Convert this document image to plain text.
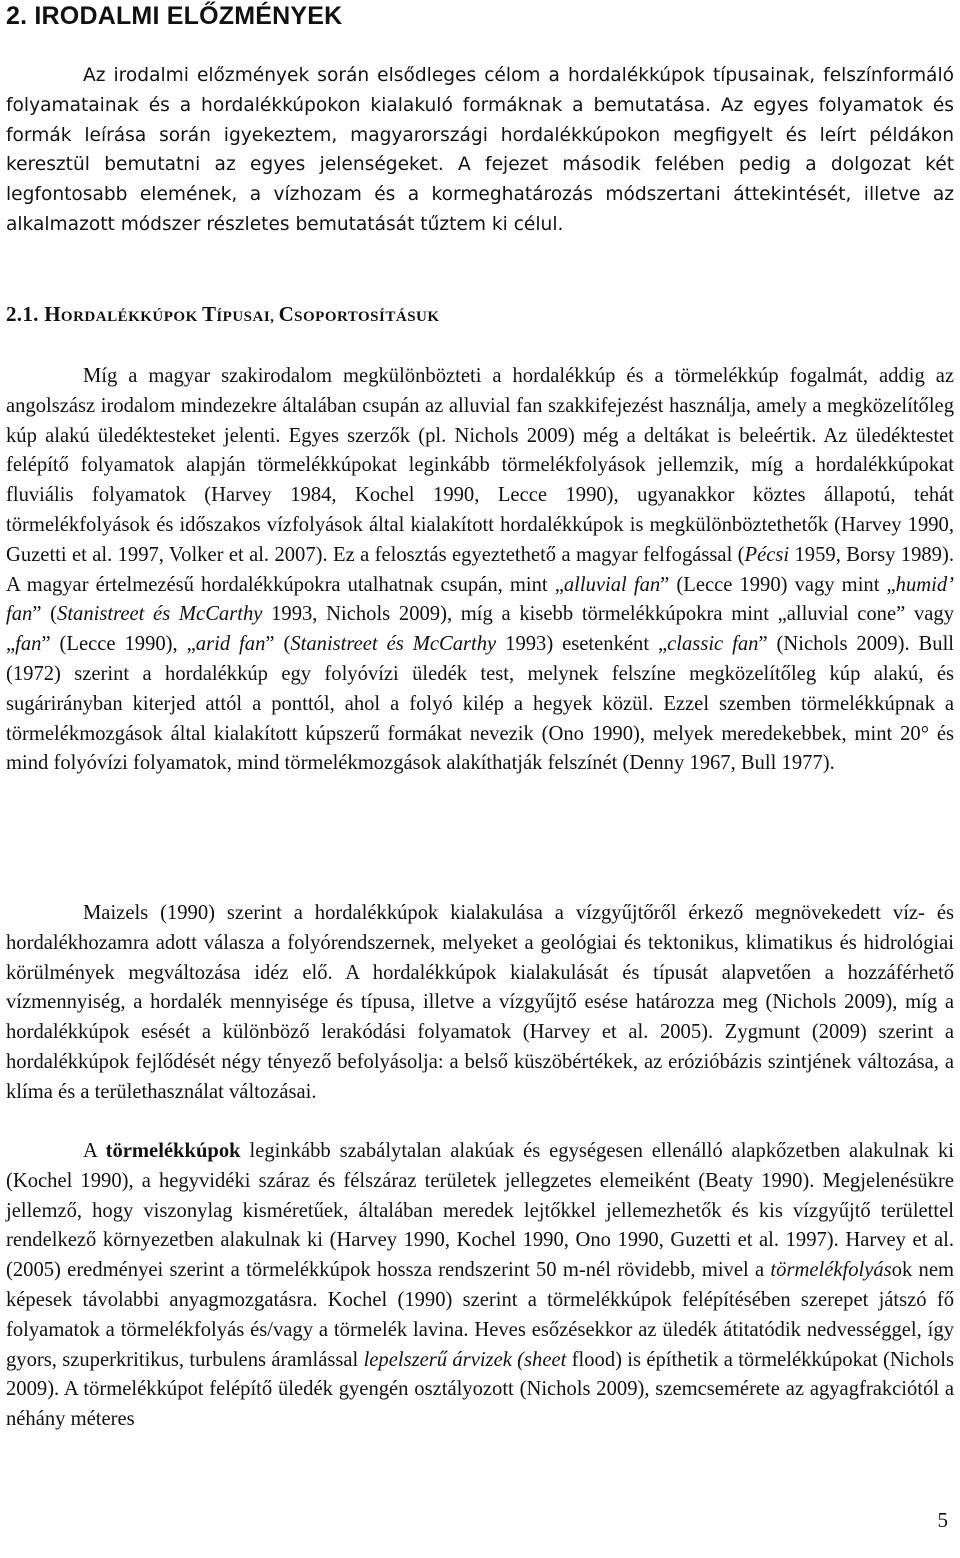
2. IRODALMI ELŐZMÉNYEK

Az irodalmi előzmények során elsődleges célom a hordalékkúpok típusainak, felszínformáló folyamatainak és a hordalékkúpokon kialakuló formáknak a bemutatása. Az egyes folyamatok és formák leírása során igyekeztem, magyarországi hordalékkúpokon megfigyelt és leírt példákon keresztül bemutatni az egyes jelenségeket. A fejezet második felében pedig a dolgozat két legfontosabb elemének, a vízhozam és a kormeghatározás módszertani áttekintését, illetve az alkalmazott módszer részletes bemutatását tűztem ki célul.

2.1. HORDALÉKKÚPOK TÍPUSAI, CSOPORTOSÍTÁSUK

Míg a magyar szakirodalom megkülönbözteti a hordalékkúp és a törmelékkúp fogalmát, addig az angolszász irodalom mindezekre általában csupán az alluvial fan szakkifejezést használja, amely a megközelítőleg kúp alakú üledéktesteket jelenti. Egyes szerzők (pl. Nichols 2009) még a deltákat is beleértik. Az üledéktestet felépítő folyamatok alapján törmelékkúpokat leginkább törmelékfolyások jellemzik, míg a hordalékkúpokat fluviális folyamatok (Harvey 1984, Kochel 1990, Lecce 1990), ugyanakkor köztes állapotú, tehát törmelékfolyások és időszakos vízfolyások által kialakított hordalékkúpok is megkülönböztethetők (Harvey 1990, Guzetti et al. 1997, Volker et al. 2007). Ez a felosztás egyeztethető a magyar felfogással (Pécsi 1959, Borsy 1989). A magyar értelmezésű hordalékkúpokra utalhatnak csupán, mint „alluvial fan” (Lecce 1990) vagy mint „humid’ fan” (Stanistreet és McCarthy 1993, Nichols 2009), míg a kisebb törmelékkúpokra mint „alluvial cone” vagy „fan” (Lecce 1990), „arid fan” (Stanistreet és McCarthy 1993) esetenként „classic fan” (Nichols 2009). Bull (1972) szerint a hordalékkúp egy folyóvízi üledék test, melynek felszíne megközelítőleg kúp alakú, és sugárirányban kiterjed attól a ponttól, ahol a folyó kilép a hegyek közül. Ezzel szemben törmelékkúpnak a törmelékmozgások által kialakított kúpszerű formákat nevezik (Ono 1990), melyek meredekebbek, mint 20° és mind folyóvízi folyamatok, mind törmelékmozgások alakíthatják felszínét (Denny 1967, Bull 1977).

Maizels (1990) szerint a hordalékkúpok kialakulása a vízgyűjtőről érkező megnövekedett víz- és hordalékhozamra adott válasza a folyórendszernek, melyeket a geológiai és tektonikus, klimatikus és hidrológiai körülmények megváltozása idéz elő. A hordalékkúpok kialakulását és típusát alapvetően a hozzáférhető vízmennyiség, a hordalék mennyisége és típusa, illetve a vízgyűjtő esése határozza meg (Nichols 2009), míg a hordalékkúpok esését a különböző lerakódási folyamatok (Harvey et al. 2005). Zygmunt (2009) szerint a hordalékkúpok fejlődését négy tényező befolyásolja: a belső küszöbértékek, az erózióbázis szintjének változása, a klíma és a területhasználat változásai.

A törmelékkúpok leginkább szabálytalan alakúak és egységesen ellenálló alapkőzetben alakulnak ki (Kochel 1990), a hegyvidéki száraz és félszáraz területek jellegzetes elemeiként (Beaty 1990). Megjelenésükre jellemző, hogy viszonylag kisméretűek, általában meredek lejtőkkel jellemezhetők és kis vízgyűjtő területtel rendelkező környezetben alakulnak ki (Harvey 1990, Kochel 1990, Ono 1990, Guzetti et al. 1997). Harvey et al. (2005) eredményei szerint a törmelékkúpok hossza rendszerint 50 m-nél rövidebb, mivel a törmelékfolyások nem képesek távolabbi anyagmozgatásra. Kochel (1990) szerint a törmelékkúpok felépítésében szerepet játszó fő folyamatok a törmelékfolyás és/vagy a törmelék lavina. Heves esőzésekkor az üledék átitatódik nedvességgel, így gyors, szuperkritikus, turbulens áramlással lepelszerű árvizek (sheet flood) is építhetik a törmelékkúpokat (Nichols 2009). A törmelékkúpot felépítő üledék gyengén osztályozott (Nichols 2009), szemcsemérete az agyagfrakciótól a néhány méteres

5
